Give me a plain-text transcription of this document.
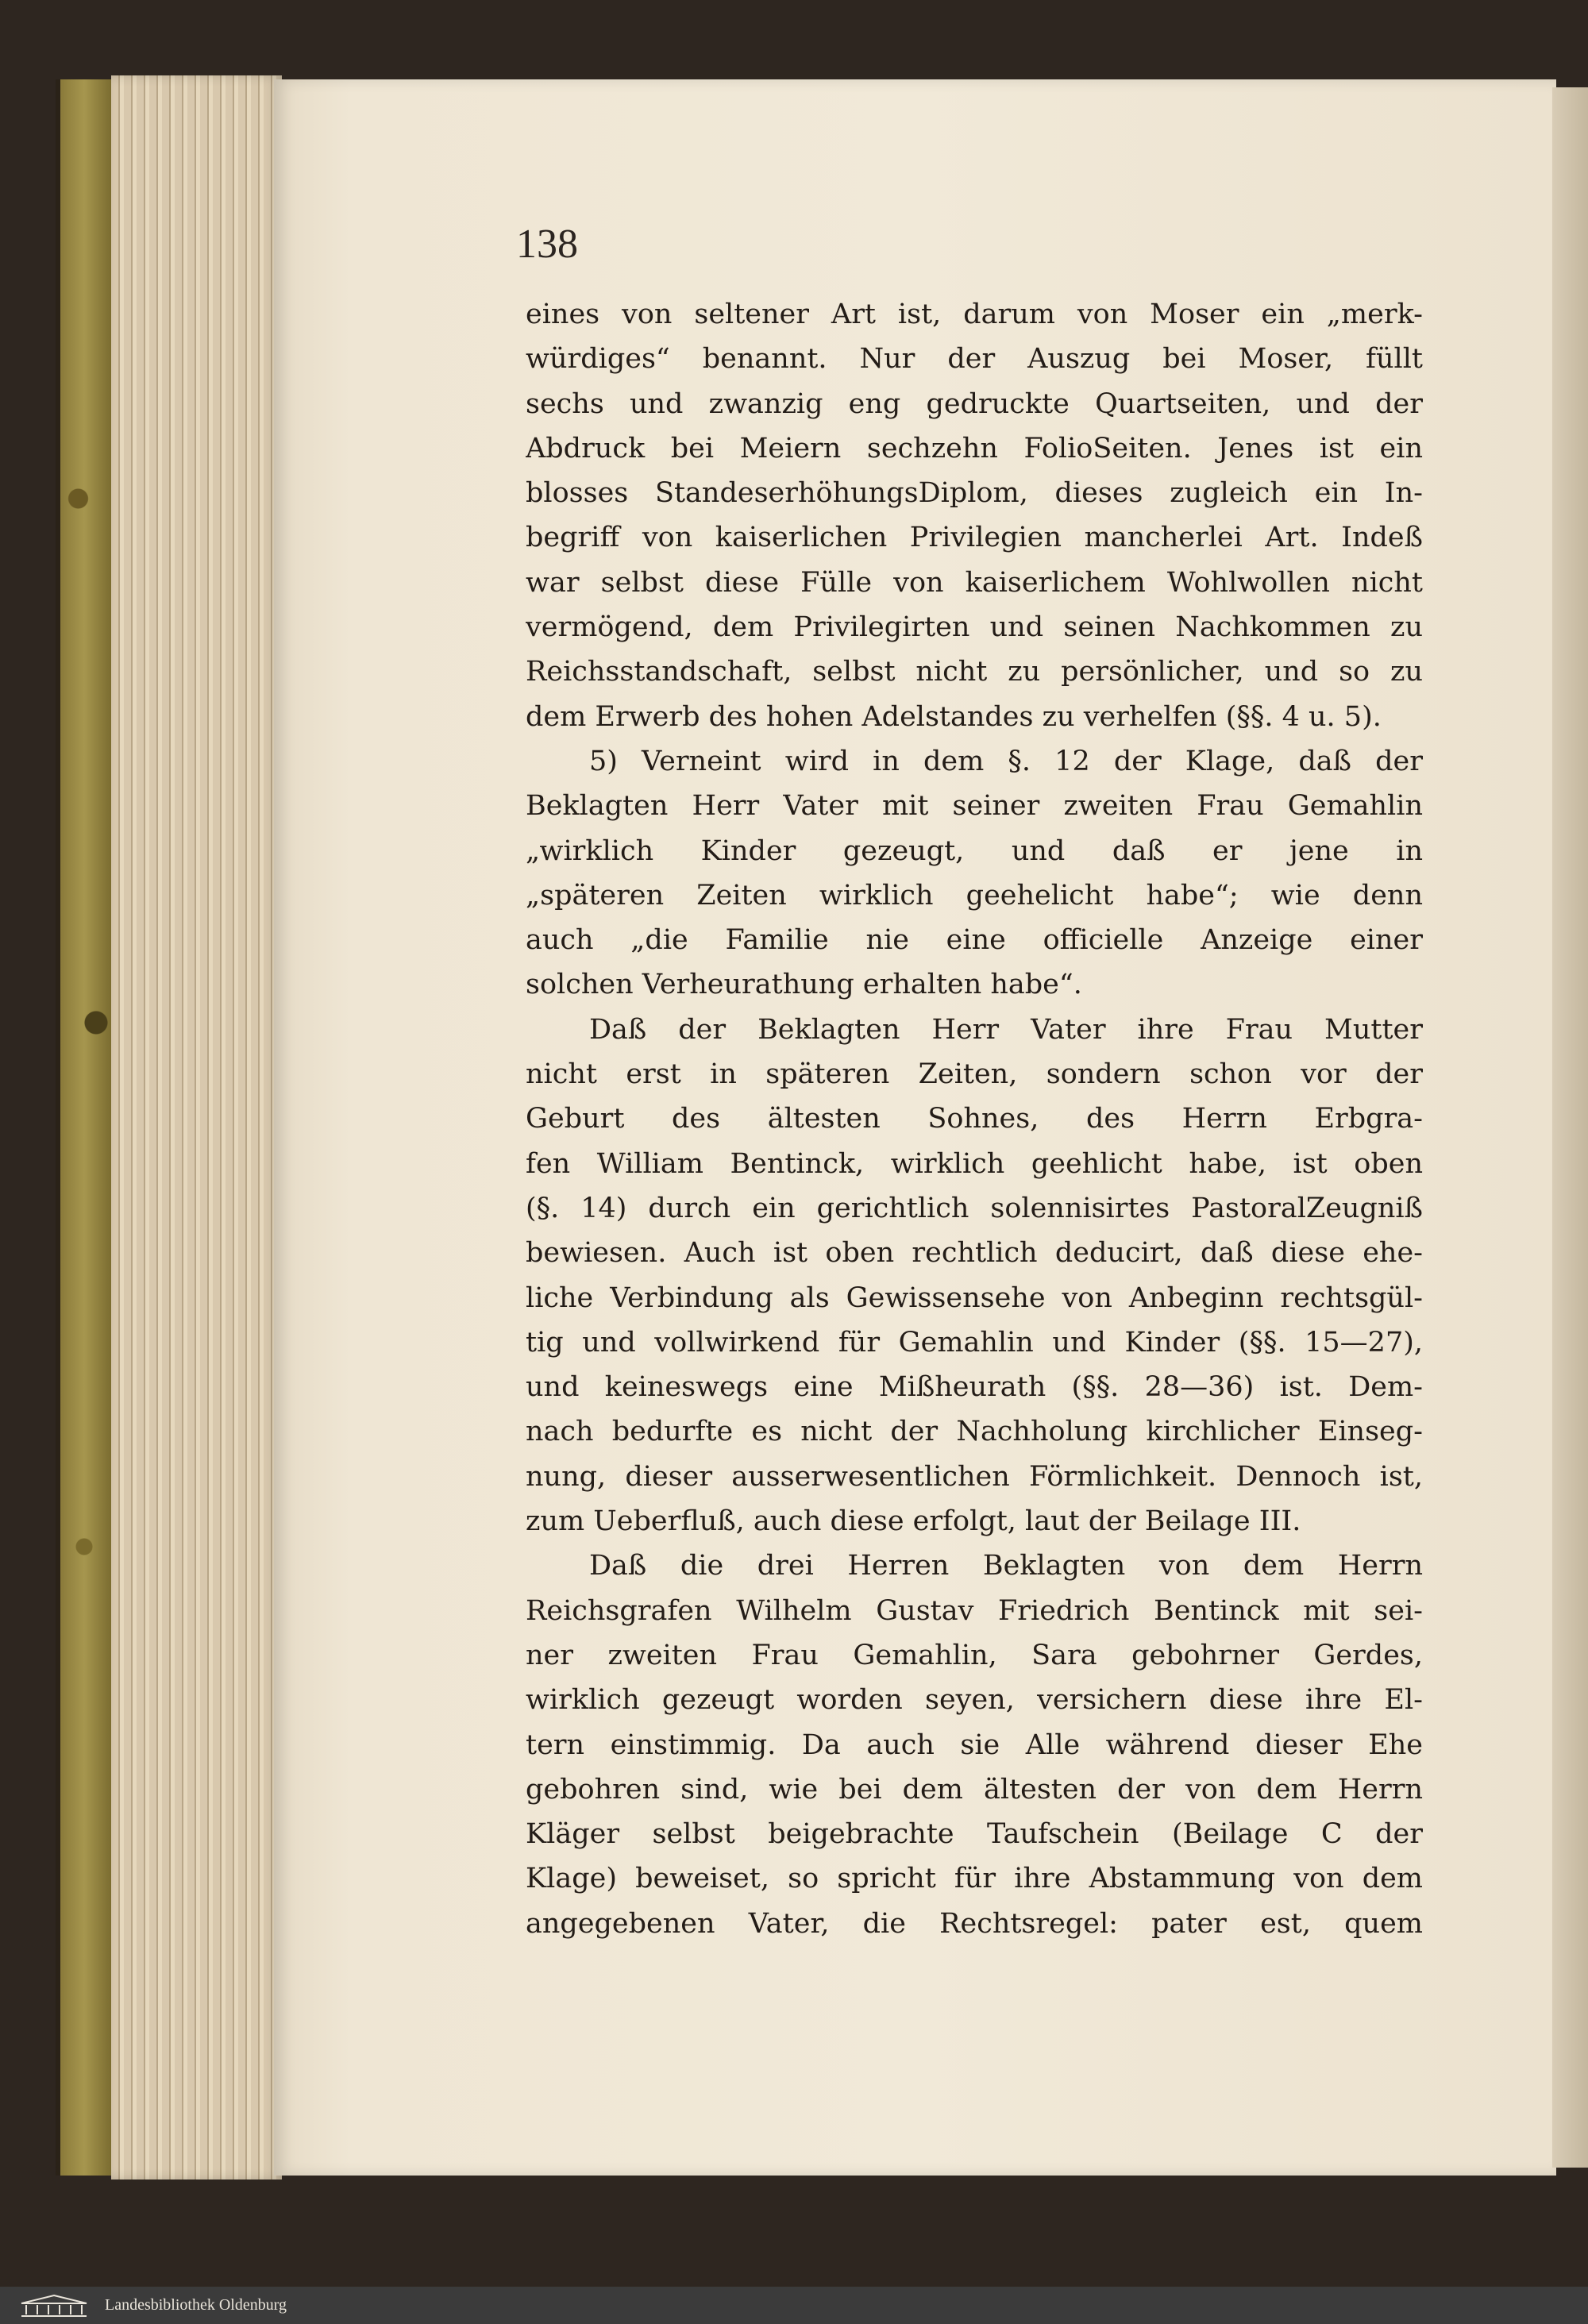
138
eines von seltener Art ist, darum von Moser ein „merk-
würdiges“ benannt. Nur der Auszug bei Moser, füllt
sechs und zwanzig eng gedruckte Quartseiten, und der
Abdruck bei Meiern sechzehn FolioSeiten. Jenes ist ein
blosses StandeserhöhungsDiplom, dieses zugleich ein In-
begriff von kaiserlichen Privilegien mancherlei Art. Indeß
war selbst diese Fülle von kaiserlichem Wohlwollen nicht
vermögend, dem Privilegirten und seinen Nachkommen zu
Reichsstandschaft, selbst nicht zu persönlicher, und so zu
dem Erwerb des hohen Adelstandes zu verhelfen (§§. 4 u. 5).
5) Verneint wird in dem §. 12 der Klage, daß der
Beklagten Herr Vater mit seiner zweiten Frau Gemahlin
„wirklich Kinder gezeugt, und daß er jene in
„späteren Zeiten wirklich geehelicht habe“; wie denn
auch „die Familie nie eine officielle Anzeige einer
solchen Verheurathung erhalten habe“.
Daß der Beklagten Herr Vater ihre Frau Mutter
nicht erst in späteren Zeiten, sondern schon vor der
Geburt des ältesten Sohnes, des Herrn Erbgra-
fen William Bentinck, wirklich geehlicht habe, ist oben
(§. 14) durch ein gerichtlich solennisirtes PastoralZeugniß
bewiesen. Auch ist oben rechtlich deducirt, daß diese ehe-
liche Verbindung als Gewissensehe von Anbeginn rechtsgül-
tig und vollwirkend für Gemahlin und Kinder (§§. 15—27),
und keineswegs eine Mißheurath (§§. 28—36) ist. Dem-
nach bedurfte es nicht der Nachholung kirchlicher Einseg-
nung, dieser ausserwesentlichen Förmlichkeit. Dennoch ist,
zum Ueberfluß, auch diese erfolgt, laut der Beilage III.
Daß die drei Herren Beklagten von dem Herrn
Reichsgrafen Wilhelm Gustav Friedrich Bentinck mit sei-
ner zweiten Frau Gemahlin, Sara gebohrner Gerdes,
wirklich gezeugt worden seyen, versichern diese ihre El-
tern einstimmig. Da auch sie Alle während dieser Ehe
gebohren sind, wie bei dem ältesten der von dem Herrn
Kläger selbst beigebrachte Taufschein (Beilage C der
Klage) beweiset, so spricht für ihre Abstammung von dem
angegebenen Vater, die Rechtsregel: pater est, quem
Landesbibliothek Oldenburg
